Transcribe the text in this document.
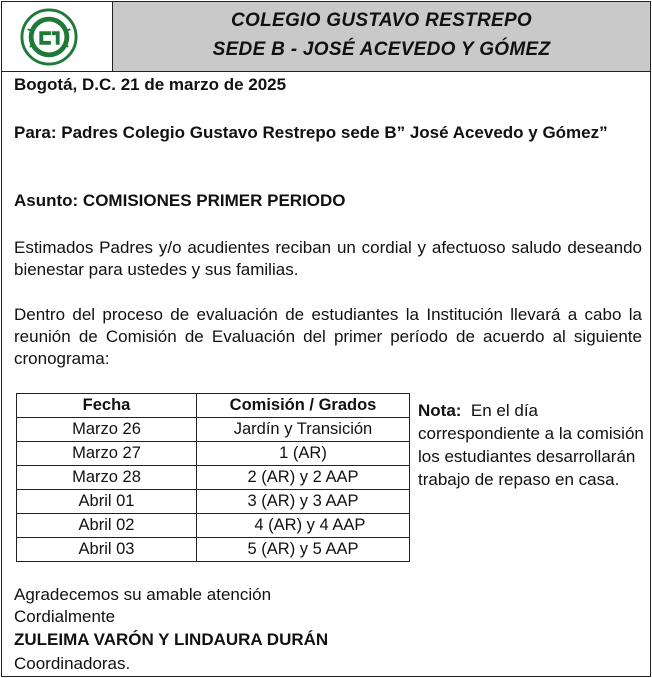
COLEGIO GUSTAVO RESTREPO
SEDE B - JOSÉ ACEVEDO Y GÓMEZ
Bogotá, D.C. 21 de marzo de 2025
Para: Padres Colegio Gustavo Restrepo sede B” José Acevedo y Gómez”
Asunto: COMISIONES PRIMER PERIODO
Estimados Padres y/o acudientes reciban un cordial y afectuoso saludo deseando bienestar para ustedes y sus familias.
Dentro del proceso de evaluación de estudiantes la Institución llevará a cabo la reunión de Comisión de Evaluación del primer período de acuerdo al siguiente cronograma:
Fecha	Comisión / Grados
Marzo 26	Jardín y Transición
Marzo 27	1 (AR)
Marzo 28	2 (AR) y 2 AAP
Abril 01	3 (AR) y 3 AAP
Abril 02	4 (AR) y 4 AAP
Abril 03	5 (AR) y 5 AAP
Nota:  En el día correspondiente a la comisión los estudiantes desarrollarán trabajo de repaso en casa.
Agradecemos su amable atención
Cordialmente
ZULEIMA VARÓN Y LINDAURA DURÁN
Coordinadoras.
